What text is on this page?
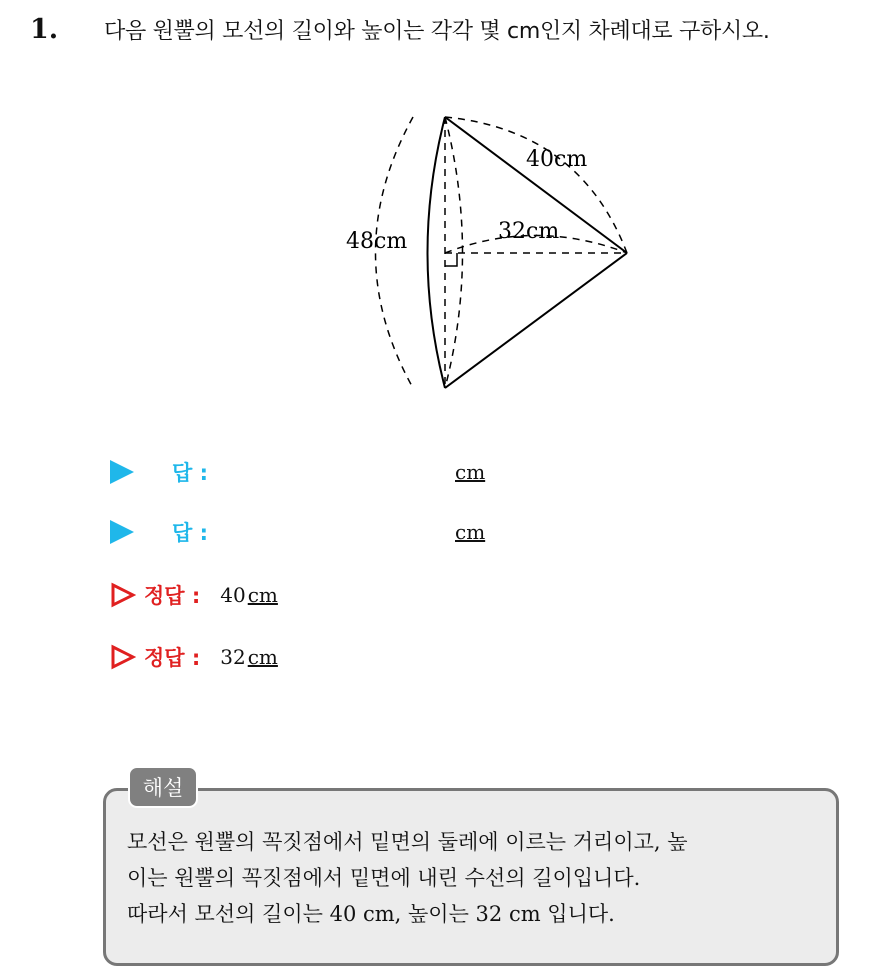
1. 다음 원뿔의 모선의 길이와 높이는 각각 몇 cm인지 차례대로 구하시오.
40cm
48cm	32cm
답 :	cm
답 :	cm
정답 : 40 cm
정답 : 32 cm
해설
모선은 원뿔의 꼭짓점에서 밑면의 둘레에 이르는 거리이고, 높
이는 원뿔의 꼭짓점에서 밑면에 내린 수선의 길이입니다.
따라서 모선의 길이는 40 cm, 높이는 32 cm 입니다.
